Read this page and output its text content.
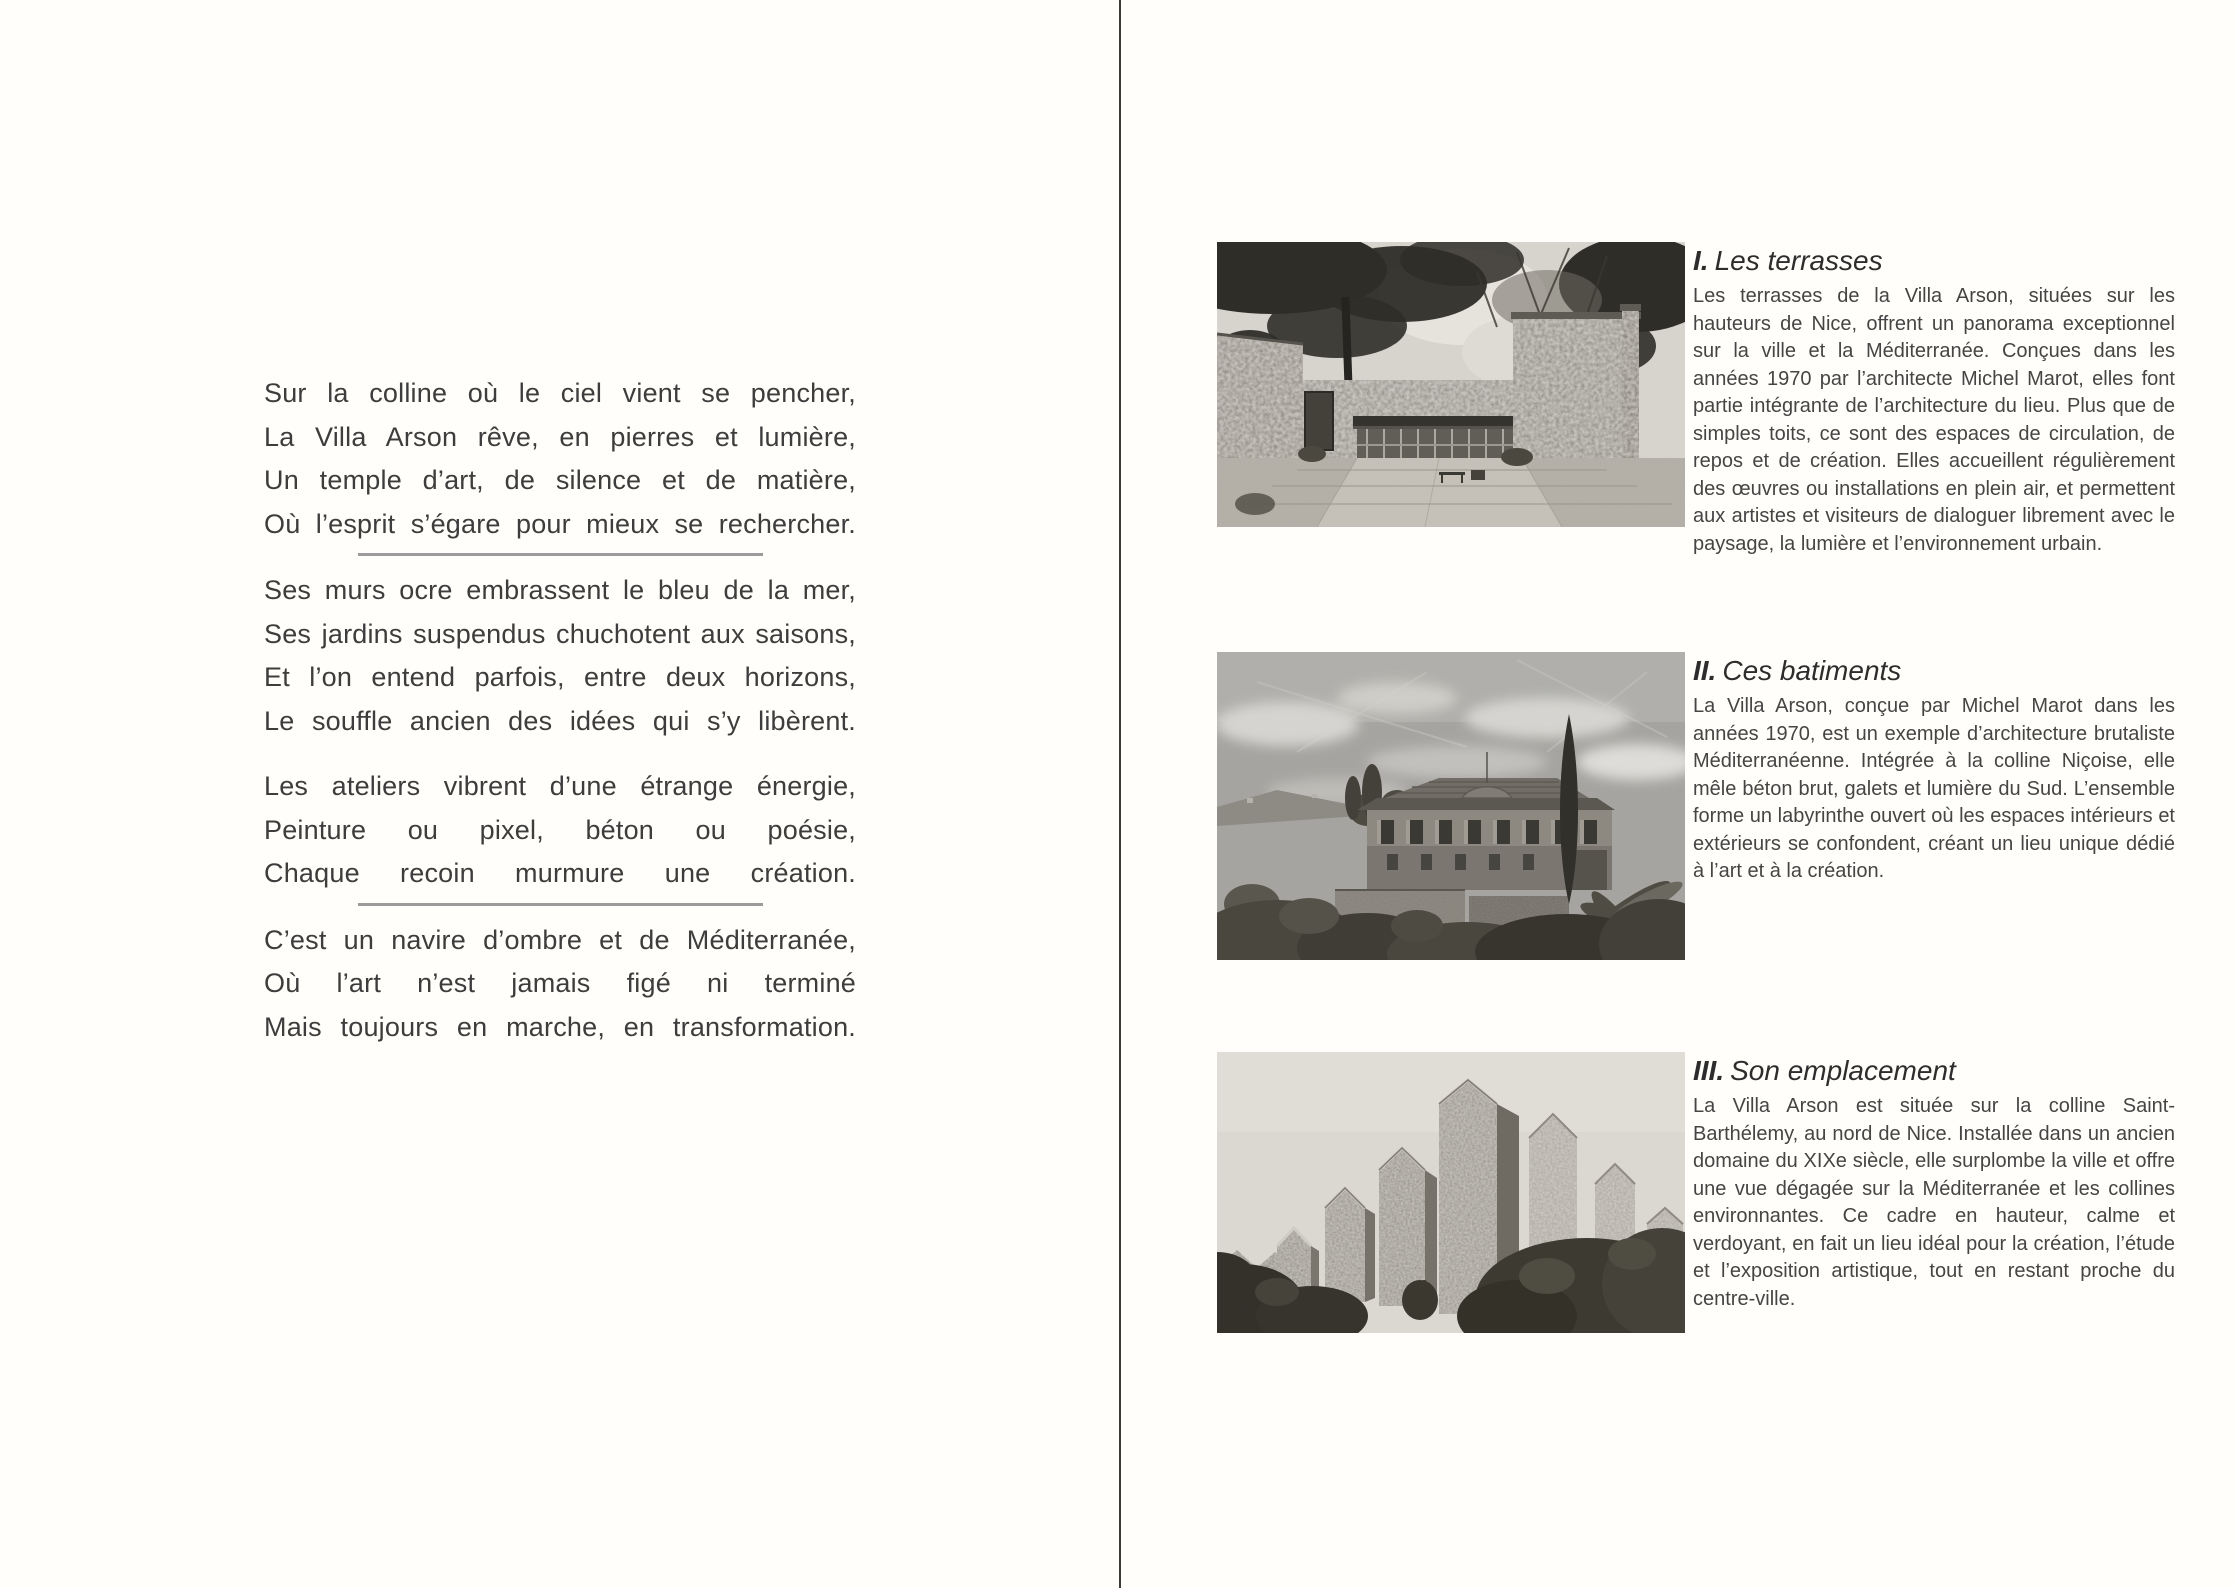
Sur la colline où le ciel vient se pencher,
La Villa Arson rêve, en pierres et lumière,
Un temple d’art, de silence et de matière,
Où l’esprit s’égare pour mieux se rechercher.
Ses murs ocre embrassent le bleu de la mer,
Ses jardins suspendus chuchotent aux saisons,
Et l’on entend parfois, entre deux horizons,
Le souffle ancien des idées qui s’y libèrent.
Les ateliers vibrent d’une étrange énergie,
Peinture ou pixel, béton ou poésie,
Chaque recoin murmure une création.
C’est un navire d’ombre et de Méditerranée,
Où l’art n’est jamais figé ni terminé
Mais toujours en marche, en transformation.
I. Les terrasses

Les terrasses de la Villa Arson, situées sur les hauteurs de Nice, offrent un panorama exceptionnel sur la ville et la Méditerranée. Conçues dans les années 1970 par l’architecte Michel Marot, elles font partie intégrante de l’architecture du lieu. Plus que de simples toits, ce sont des espaces de circulation, de repos et de création. Elles accueillent régulièrement des œuvres ou installations en plein air, et permettent aux artistes et visiteurs de dialoguer librement avec le paysage, la lumière et l’environnement urbain.

II. Ces batiments

La Villa Arson, conçue par Michel Marot dans les années 1970, est un exemple d’architecture brutaliste Méditerranéenne. Intégrée à la colline Niçoise, elle mêle béton brut, galets et lumière du Sud. L’ensemble forme un labyrinthe ouvert où les espaces intérieurs et extérieurs se confondent, créant un lieu unique dédié à l’art et à la création.

III. Son emplacement

La Villa Arson est située sur la colline Saint-Barthélemy, au nord de Nice. Installée dans un ancien domaine du XIXe siècle, elle surplombe la ville et offre une vue dégagée sur la Méditerranée et les collines environnantes. Ce cadre en hauteur, calme et verdoyant, en fait un lieu idéal pour la création, l’étude et l’exposition artistique, tout en restant proche du centre-ville.
